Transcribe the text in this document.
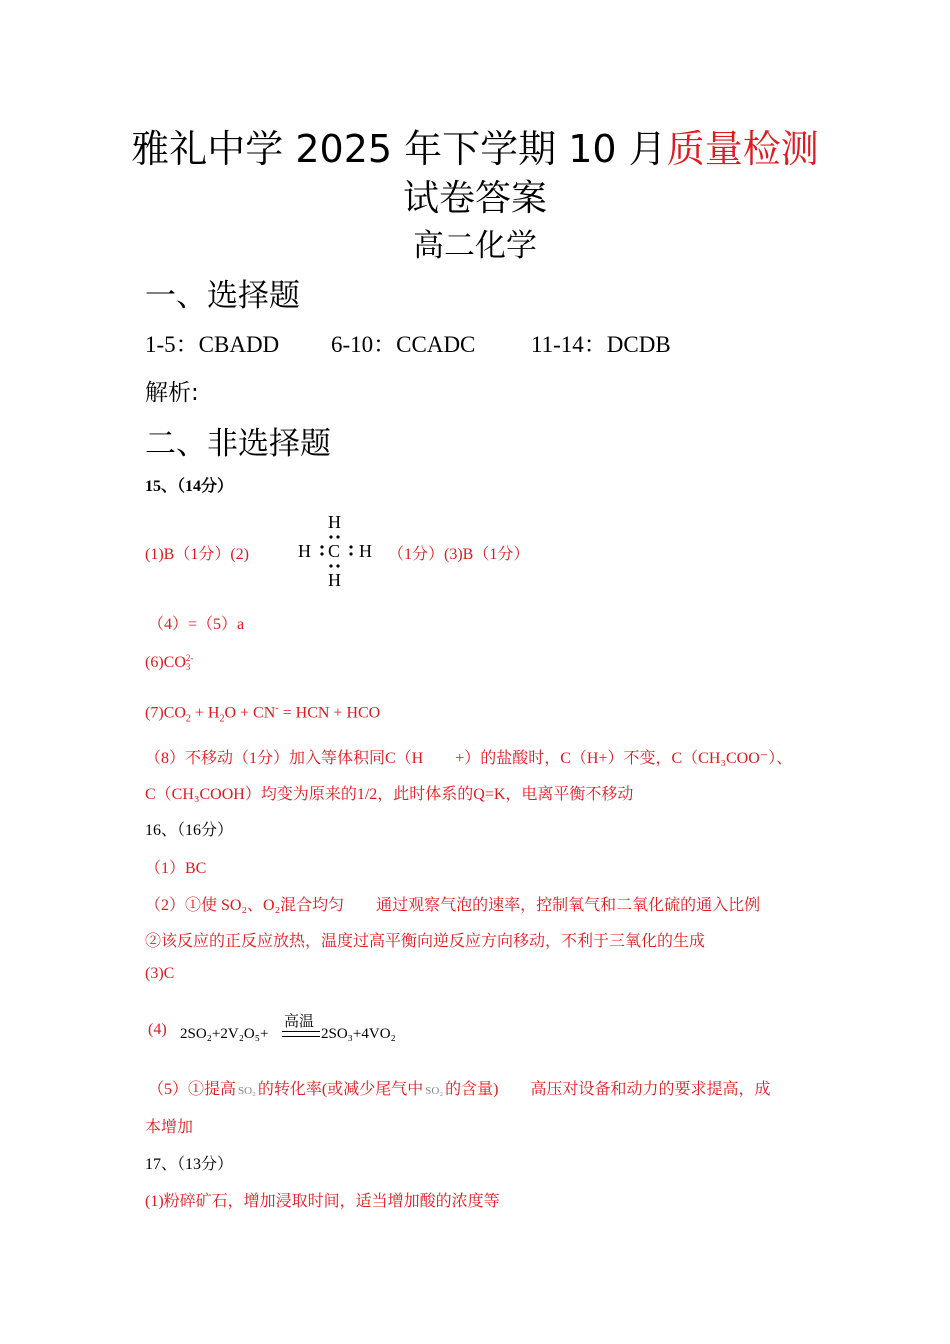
雅礼中学 2025 年下学期 10 月质量检测
试卷答案
高二化学
一、选择题
1-5：CBADD 6-10：CCADC 11-14：DCDB
解析:
二、非选择题
15、（14分）
(1)B（1分）(2)
H
H C H
H
（1分）(3)B（1分）
（4）=（5）a
(6)CO 2-
3
$(7)CO_2 + H_2O + CN^-$ = HCN + HCO
（8）不移动（1分）加入等体积同C（H　　+）的盐酸时，C（H+）不变，C（CH₃COO⁻）、
C（CH₃COOH）均变为原来的1/2，此时体系的Q=K，电离平衡不移动
16、（16分）
（1）BC
（2）①使 SO₂、O₂混合均匀　　通过观察气泡的速率，控制氧气和二氧化硫的通入比例
②该反应的正反应放热，温度过高平衡向逆反应方向移动，不利于三氧化的生成
(3)C
(4) 2SO₂+2V₂O₅+
高温
2SO₃+4VO₂
（5）①提高 SO₂ 的转化率(或减少尾气中 SO₂ 的含量)　　高压对设备和动力的要求提高，成
本增加
17、（13分）
(1)粉碎矿石，增加浸取时间，适当增加酸的浓度等
